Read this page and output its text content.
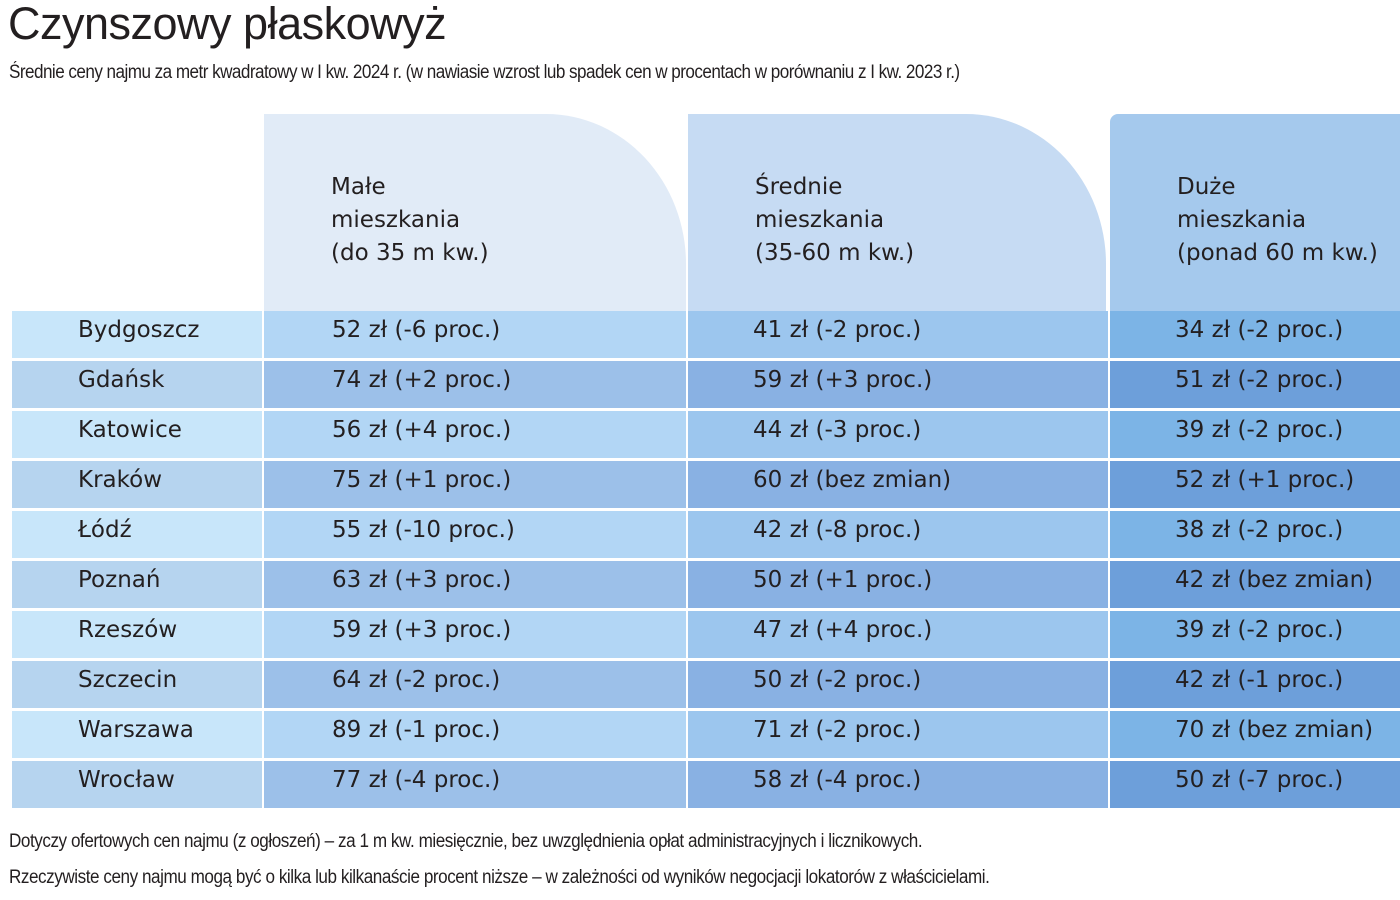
Czynszowy płaskowyż
Średnie ceny najmu za metr kwadratowy w I kw. 2024 r. (w nawiasie wzrost lub spadek cen w procentach w porównaniu z I kw. 2023 r.)
Małe
mieszkania
(do 35 m kw.)
Średnie
mieszkania
(35-60 m kw.)
Duże
mieszkania
(ponad 60 m kw.)
Bydgoszcz	52 zł (-6 proc.)	41 zł (-2 proc.)	34 zł (-2 proc.)
Gdańsk	74 zł (+2 proc.)	59 zł (+3 proc.)	51 zł (-2 proc.)
Katowice	56 zł (+4 proc.)	44 zł (-3 proc.)	39 zł (-2 proc.)
Kraków	75 zł (+1 proc.)	60 zł (bez zmian)	52 zł (+1 proc.)
Łódź	55 zł (-10 proc.)	42 zł (-8 proc.)	38 zł (-2 proc.)
Poznań	63 zł (+3 proc.)	50 zł (+1 proc.)	42 zł (bez zmian)
Rzeszów	59 zł (+3 proc.)	47 zł (+4 proc.)	39 zł (-2 proc.)
Szczecin	64 zł (-2 proc.)	50 zł (-2 proc.)	42 zł (-1 proc.)
Warszawa	89 zł (-1 proc.)	71 zł (-2 proc.)	70 zł (bez zmian)
Wrocław	77 zł (-4 proc.)	58 zł (-4 proc.)	50 zł (-7 proc.)
Dotyczy ofertowych cen najmu (z ogłoszeń) – za 1 m kw. miesięcznie, bez uwzględnienia opłat administracyjnych i licznikowych.
Rzeczywiste ceny najmu mogą być o kilka lub kilkanaście procent niższe – w zależności od wyników negocjacji lokatorów z właścicielami.
